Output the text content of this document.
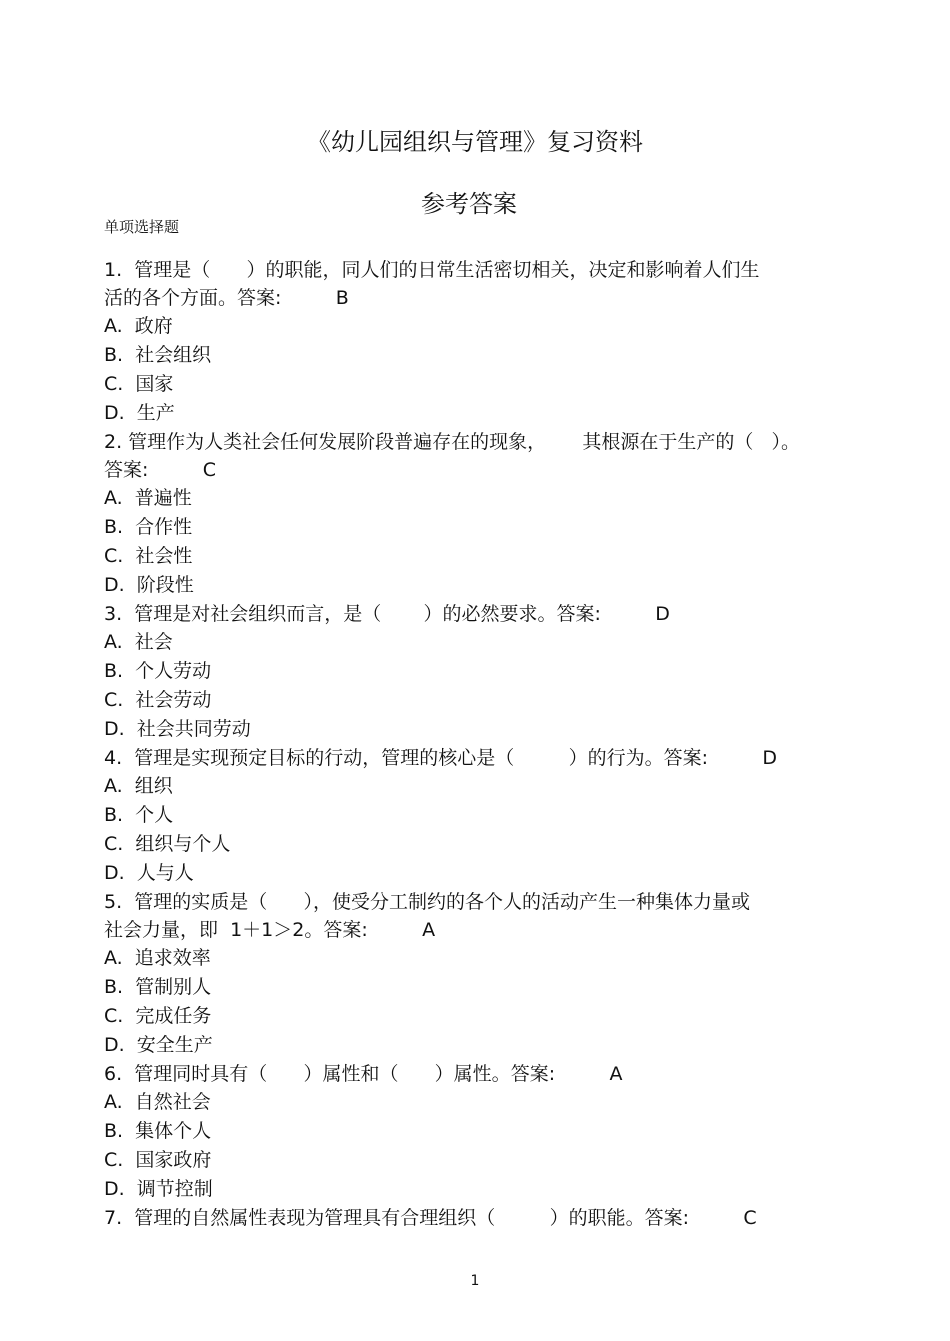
《幼儿园组织与管理》复习资料
参考答案
单项选择题
1.  管理是（      ）的职能，同人们的日常生活密切相关，决定和影响着人们生
活的各个方面。答案:	B
A.  政府
B.  社会组织
C.  国家
D.  生产
2. 管理作为人类社会任何发展阶段普遍存在的现象，      其根源在于生产的（   ）。
答案:	C
A.  普遍性
B.  合作性
C.  社会性
D.  阶段性
3.  管理是对社会组织而言，是（       ）的必然要求。答案:	D
A.  社会
B.  个人劳动
C.  社会劳动
D.  社会共同劳动
4.  管理是实现预定目标的行动，管理的核心是（         ）的行为。答案:	D
A.  组织
B.  个人
C.  组织与个人
D.  人与人
5.  管理的实质是（      ），使受分工制约的各个人的活动产生一种集体力量或
社会力量，即  1＋1＞2。答案:	A
A.  追求效率
B.  管制别人
C.  完成任务
D.  安全生产
6.  管理同时具有（      ）属性和（      ）属性。答案:	A
A.  自然社会
B.  集体个人
C.  国家政府
D.  调节控制
7.  管理的自然属性表现为管理具有合理组织（         ）的职能。答案:	C
1
